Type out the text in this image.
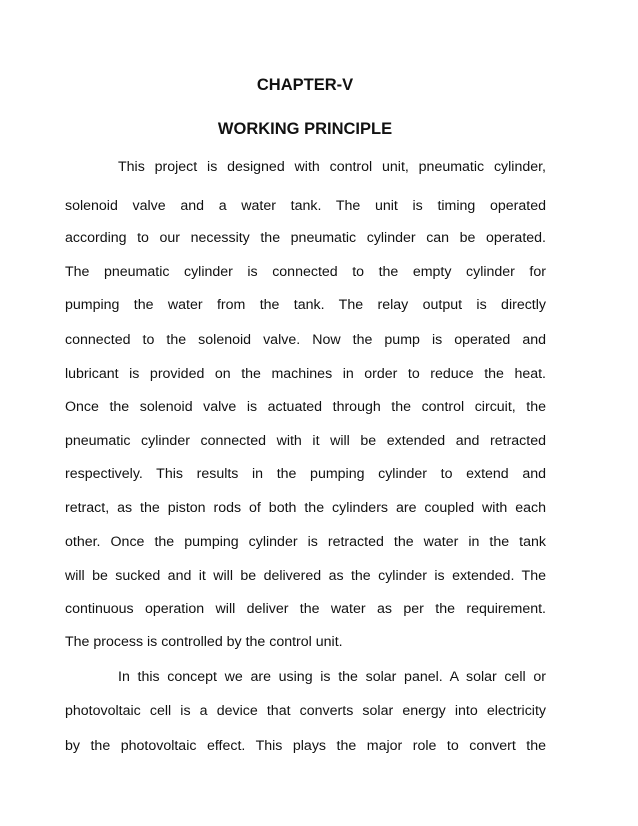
CHAPTER-V
WORKING PRINCIPLE
This project is designed with control unit, pneumatic cylinder,
solenoid valve and a water tank. The unit is timing operated
according to our necessity the pneumatic cylinder can be operated.
The pneumatic cylinder is connected to the empty cylinder for
pumping the water from the tank. The relay output is directly
connected to the solenoid valve. Now the pump is operated and
lubricant is provided on the machines in order to reduce the heat.
Once the solenoid valve is actuated through the control circuit, the
pneumatic cylinder connected with it will be extended and retracted
respectively. This results in the pumping cylinder to extend and
retract, as the piston rods of both the cylinders are coupled with each
other. Once the pumping cylinder is retracted the water in the tank
will be sucked and it will be delivered as the cylinder is extended. The
continuous operation will deliver the water as per the requirement.
The process is controlled by the control unit.
In this concept we are using is the solar panel. A solar cell or
photovoltaic cell is a device that converts solar energy into electricity
by the photovoltaic effect. This plays the major role to convert the
